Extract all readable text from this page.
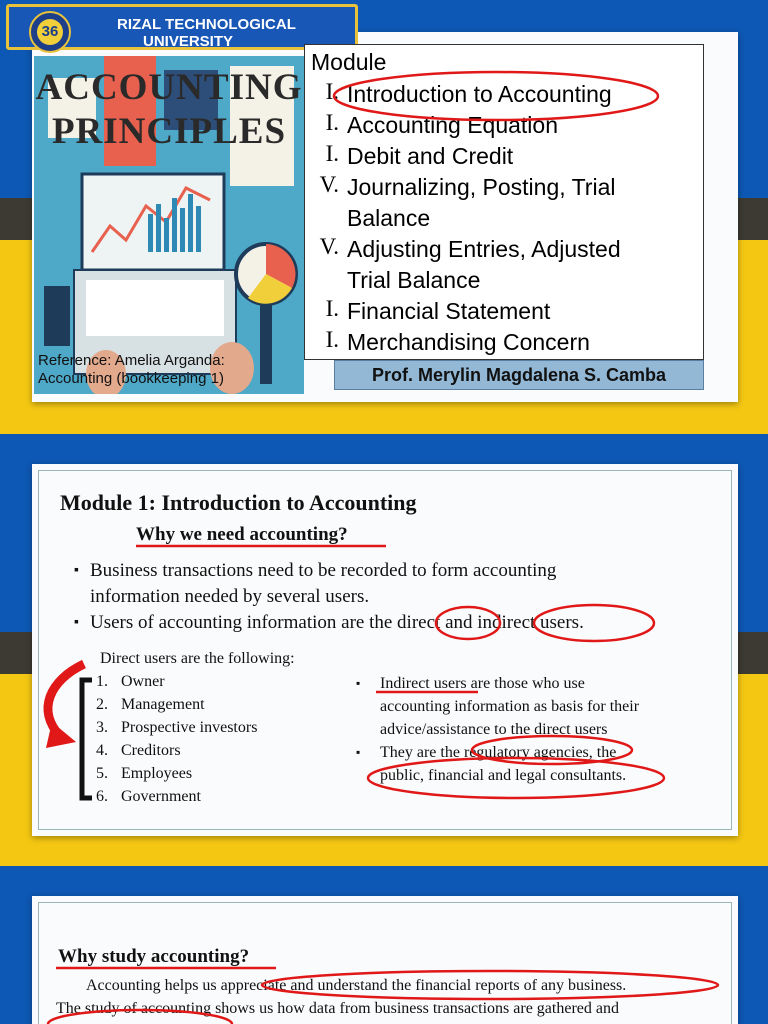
ACCOUNTING
PRINCIPLES
Reference: Amelia Arganda:
Accounting (bookkeeping 1)
36	RIZAL TECHNOLOGICAL
UNIVERSITY
Module
I. Introduction to Accounting
I. Accounting Equation
I. Debit and Credit
V. Journalizing, Posting, Trial
Balance
V. Adjusting Entries, Adjusted
Trial Balance
I. Financial Statement
I. Merchandising Concern
Prof. Merylin Magdalena S. Camba
Module 1: Introduction to Accounting
Why we need accounting?
▪ Business transactions need to be recorded to form accounting
information needed by several users.
▪ Users of accounting information are the direct and indirect users.
Direct users are the following:
1. Owner
2. Management
3. Prospective investors
4. Creditors
5. Employees
6. Government
▪ Indirect users are those who use
accounting information as basis for their
advice/assistance to the direct users
▪ They are the regulatory agencies, the
public, financial and legal consultants.
Why study accounting?
Accounting helps us appreciate and understand the financial reports of any business.
The study of accounting shows us how data from business transactions are gathered and
